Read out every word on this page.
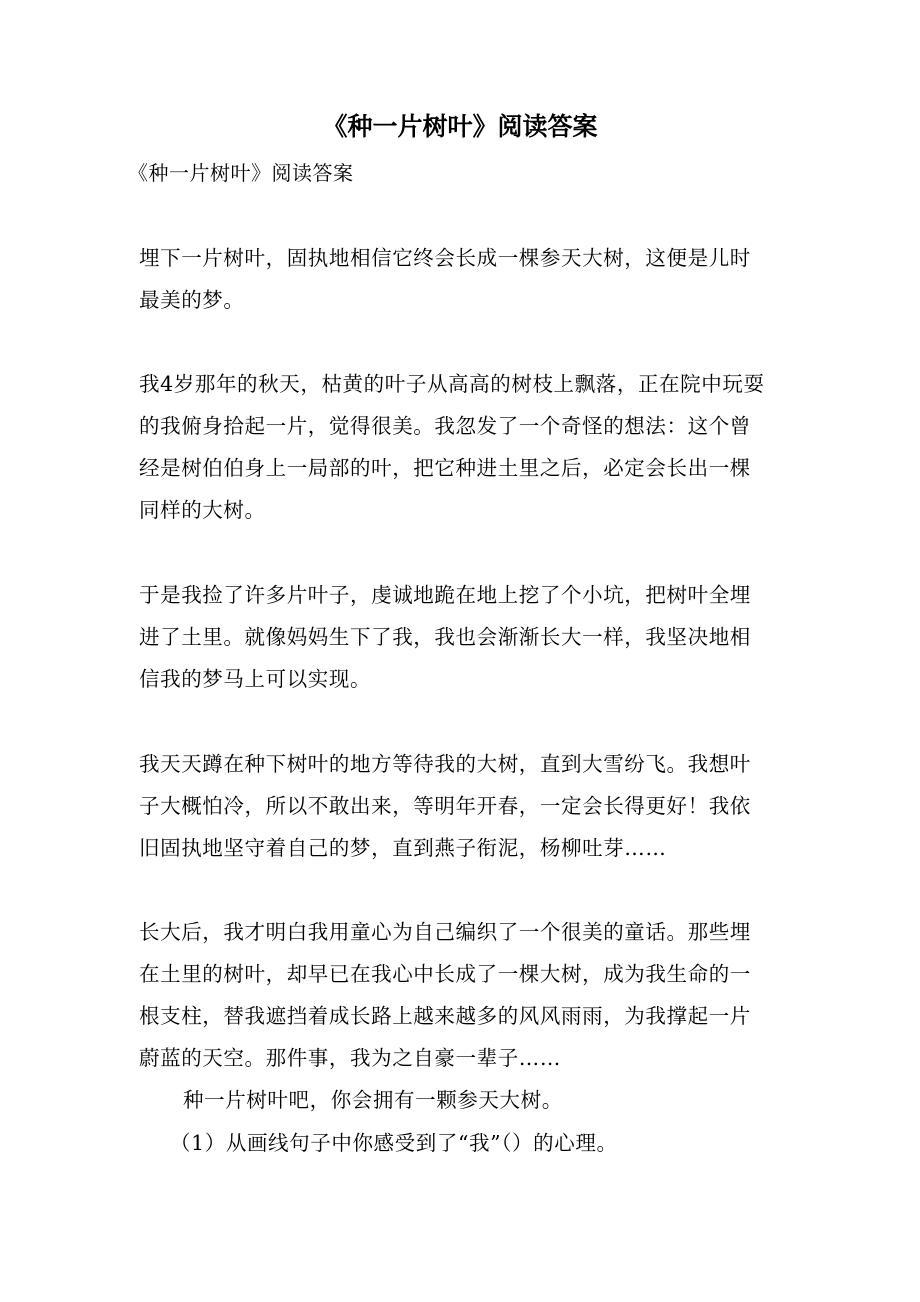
《种一片树叶》阅读答案
《种一片树叶》阅读答案
埋下一片树叶，固执地相信它终会长成一棵参天大树，这便是儿时
最美的梦。
我4岁那年的秋天，枯黄的叶子从高高的树枝上飘落，正在院中玩耍
的我俯身拾起一片，觉得很美。我忽发了一个奇怪的想法：这个曾
经是树伯伯身上一局部的叶，把它种进土里之后，必定会长出一棵
同样的大树。
于是我捡了许多片叶子，虔诚地跪在地上挖了个小坑，把树叶全埋
进了土里。就像妈妈生下了我，我也会渐渐长大一样，我坚决地相
信我的梦马上可以实现。
我天天蹲在种下树叶的地方等待我的大树，直到大雪纷飞。我想叶
子大概怕冷，所以不敢出来，等明年开春，一定会长得更好！我依
旧固执地坚守着自己的梦，直到燕子衔泥，杨柳吐芽……
长大后，我才明白我用童心为自己编织了一个很美的童话。那些埋
在土里的树叶，却早已在我心中长成了一棵大树，成为我生命的一
根支柱，替我遮挡着成长路上越来越多的风风雨雨，为我撑起一片
蔚蓝的天空。那件事，我为之自豪一辈子……
种一片树叶吧，你会拥有一颗参天大树。
（1）从画线句子中你感受到了“我”（）的心理。
